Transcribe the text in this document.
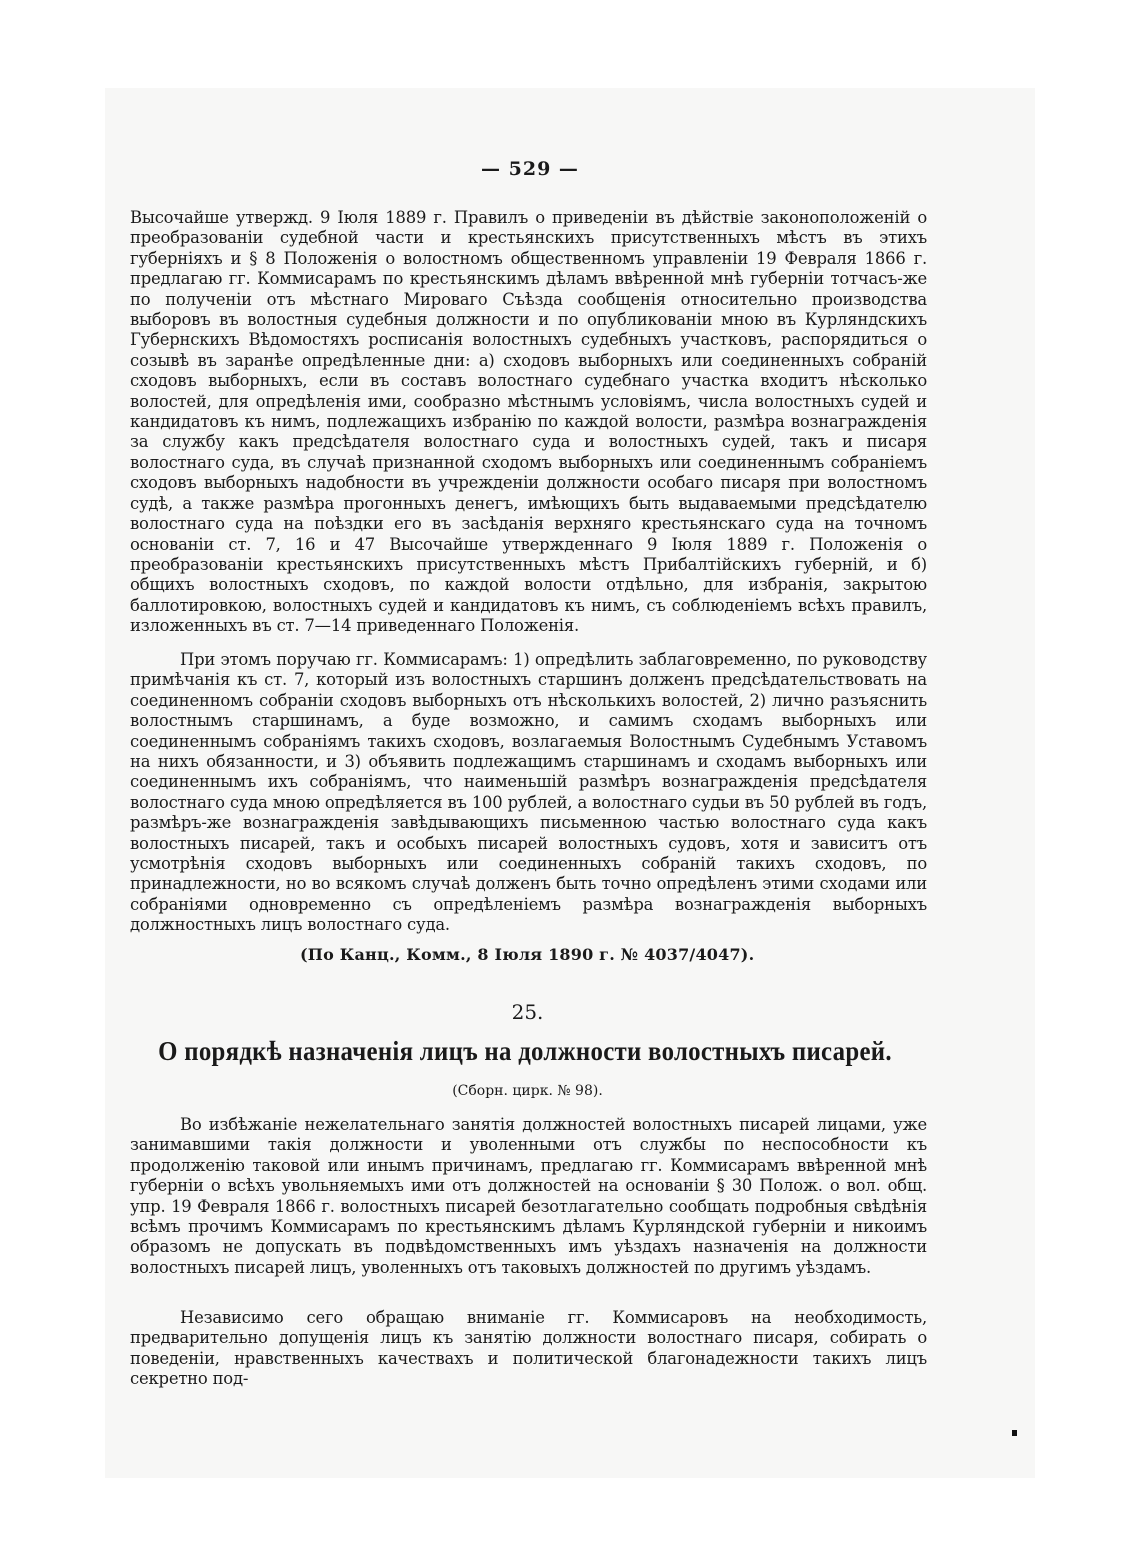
— 529 —

Высочайше утвержд. 9 Іюля 1889 г. Правилъ о приведеніи въ дѣйствіе законоположеній о преобразованіи судебной части и крестьянскихъ присутственныхъ мѣстъ въ этихъ губерніяхъ и § 8 Положенія о волостномъ общественномъ управленіи 19 Февраля 1866 г. предлагаю гг. Коммисарамъ по крестьянскимъ дѣламъ ввѣренной мнѣ губерніи тотчасъ-же по полученіи отъ мѣстнаго Мироваго Съѣзда сообщенія относительно производства выборовъ въ волостныя судебныя должности и по опубликованіи мною въ Курляндскихъ Губернскихъ Вѣдомостяхъ росписанія волостныхъ судебныхъ участковъ, распорядиться о созывѣ въ заранѣе опредѣленные дни: а) сходовъ выборныхъ или соединенныхъ собраній сходовъ выборныхъ, если въ составъ волостнаго судебнаго участка входитъ нѣсколько волостей, для опредѣленія ими, сообразно мѣстнымъ условіямъ, числа волостныхъ судей и кандидатовъ къ нимъ, подлежащихъ избранію по каждой волости, размѣра вознагражденія за службу какъ предсѣдателя волостнаго суда и волостныхъ судей, такъ и писаря волостнаго суда, въ случаѣ признанной сходомъ выборныхъ или соединеннымъ собраніемъ сходовъ выборныхъ надобности въ учрежденіи должности особаго писаря при волостномъ судѣ, а также размѣра прогонныхъ денегъ, имѣющихъ быть выдаваемыми предсѣдателю волостнаго суда на поѣздки его въ засѣданія верхняго крестьянскаго суда на точномъ основаніи ст. 7, 16 и 47 Высочайше утвержденнаго 9 Іюля 1889 г. Положенія о преобразованіи крестьянскихъ присутственныхъ мѣстъ Прибалтійскихъ губерній, и б) общихъ волостныхъ сходовъ, по каждой волости отдѣльно, для избранія, закрытою баллотировкою, волостныхъ судей и кандидатовъ къ нимъ, съ соблюденіемъ всѣхъ правилъ, изложенныхъ въ ст. 7—14 приведеннаго Положенія.

При этомъ поручаю гг. Коммисарамъ: 1) опредѣлить заблаговременно, по руководству примѣчанія къ ст. 7, который изъ волостныхъ старшинъ долженъ предсѣдательствовать на соединенномъ собраніи сходовъ выборныхъ отъ нѣсколькихъ волостей, 2) лично разъяснить волостнымъ старшинамъ, а буде возможно, и самимъ сходамъ выборныхъ или соединеннымъ собраніямъ такихъ сходовъ, возлагаемыя Волостнымъ Судебнымъ Уставомъ на нихъ обязанности, и 3) объявить подлежащимъ старшинамъ и сходамъ выборныхъ или соединеннымъ ихъ собраніямъ, что наименьшій размѣръ вознагражденія предсѣдателя волостнаго суда мною опредѣляется въ 100 рублей, а волостнаго судьи въ 50 рублей въ годъ, размѣръ-же вознагражденія завѣдывающихъ письменною частью волостнаго суда какъ волостныхъ писарей, такъ и особыхъ писарей волостныхъ судовъ, хотя и зависитъ отъ усмотрѣнія сходовъ выборныхъ или соединенныхъ собраній такихъ сходовъ, по принадлежности, но во всякомъ случаѣ долженъ быть точно опредѣленъ этими сходами или собраніями одновременно съ опредѣленіемъ размѣра вознагражденія выборныхъ должностныхъ лицъ волостнаго суда.

(По Канц., Комм., 8 Іюля 1890 г. № 4037/4047).
25.
О порядкѣ назначенія лицъ на должности волостныхъ писарей.
(Сборн. цирк. № 98).

Во избѣжаніе нежелательнаго занятія должностей волостныхъ писарей лицами, уже занимавшими такія должности и уволенными отъ службы по неспособности къ продолженію таковой или инымъ причинамъ, предлагаю гг. Коммисарамъ ввѣренной мнѣ губерніи о всѣхъ увольняемыхъ ими отъ должностей на основаніи § 30 Полож. о вол. общ. упр. 19 Февраля 1866 г. волостныхъ писарей безотлагательно сообщать подробныя свѣдѣнія всѣмъ прочимъ Коммисарамъ по крестьянскимъ дѣламъ Курляндской губерніи и никоимъ образомъ не допускать въ подвѣдомственныхъ имъ уѣздахъ назначенія на должности волостныхъ писарей лицъ, уволенныхъ отъ таковыхъ должностей по другимъ уѣздамъ.

Независимо сего обращаю вниманіе гг. Коммисаровъ на необходимость, предварительно допущенія лицъ къ занятію должности волостнаго писаря, собирать о поведеніи, нравственныхъ качествахъ и политической благонадежности такихъ лицъ секретно под-
